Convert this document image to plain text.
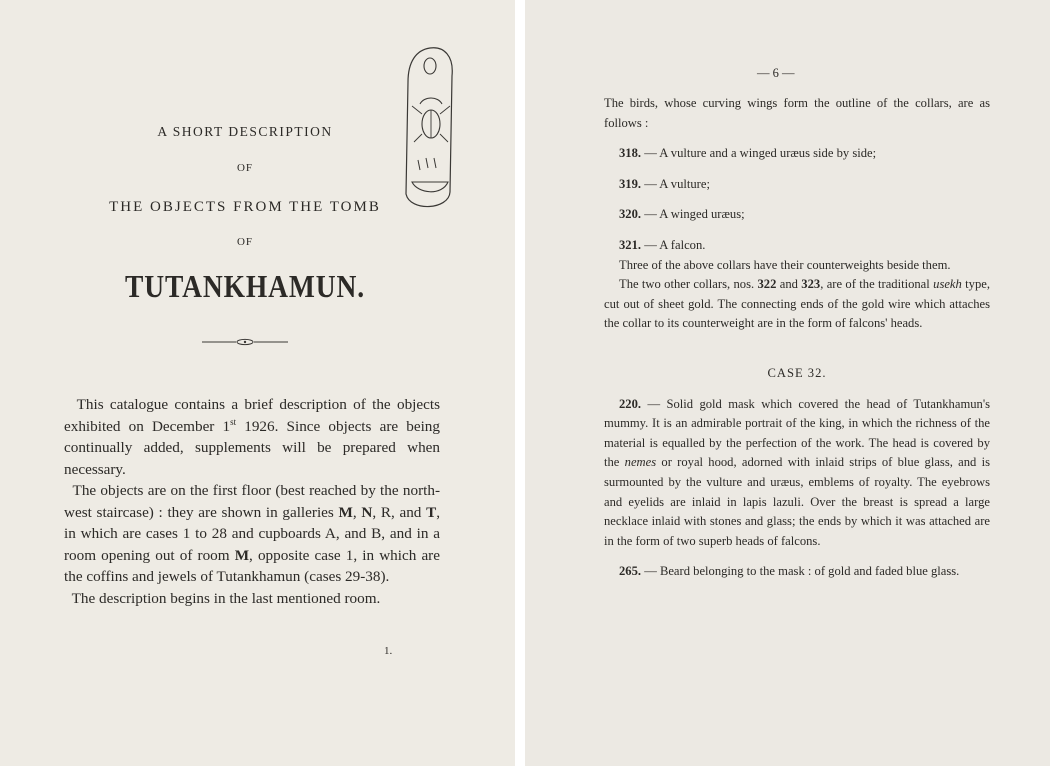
A SHORT DESCRIPTION
OF
THE OBJECTS FROM THE TOMB
OF
TUTANKHAMUN.

This catalogue contains a brief description of the objects exhibited on December 1st 1926. Since objects are being continually added, supplements will be prepared when necessary.

The objects are on the first floor (best reached by the north-west staircase) : they are shown in galleries M, N, R, and T, in which are cases 1 to 28 and cupboards A, and B, and in a room opening out of room M, opposite case 1, in which are the coffins and jewels of Tutankhamun (cases 29-38).

The description begins in the last mentioned room.

1.
— 6 —

The birds, whose curving wings form the outline of the collars, are as follows :

318. — A vulture and a winged uræus side by side;

319. — A vulture;

320. — A winged uræus;

321. — A falcon.

Three of the above collars have their counterweights beside them.

The two other collars, nos. 322 and 323, are of the traditional usekh type, cut out of sheet gold. The connecting ends of the gold wire which attaches the collar to its counterweight are in the form of falcons' heads.

CASE 32.

220. — Solid gold mask which covered the head of Tutankhamun's mummy. It is an admirable portrait of the king, in which the richness of the material is equalled by the perfection of the work. The head is covered by the nemes or royal hood, adorned with inlaid strips of blue glass, and is surmounted by the vulture and uræus, emblems of royalty. The eyebrows and eyelids are inlaid in lapis lazuli. Over the breast is spread a large necklace inlaid with stones and glass; the ends by which it was attached are in the form of two superb heads of falcons.

265. — Beard belonging to the mask : of gold and faded blue glass.
